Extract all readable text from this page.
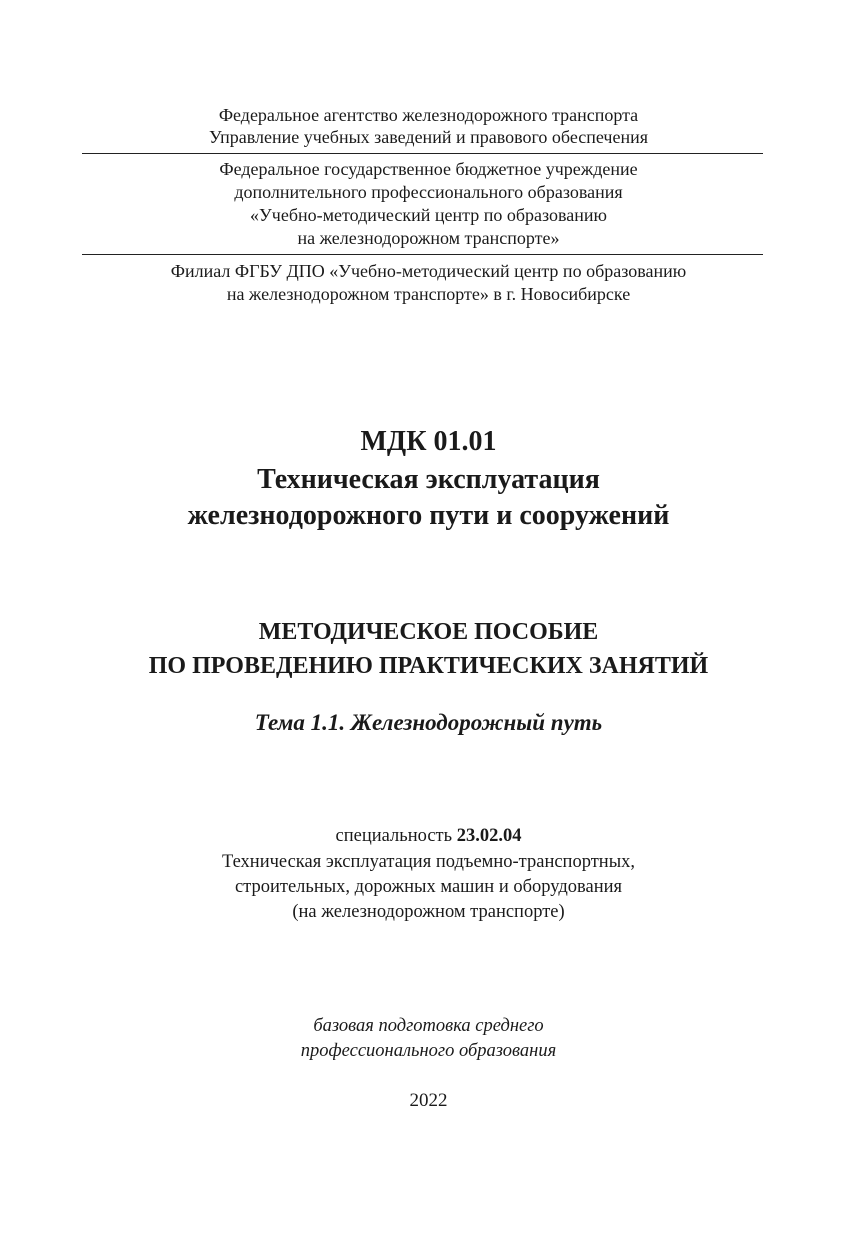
Федеральное агентство железнодорожного транспорта
Управление учебных заведений и правового обеспечения
Федеральное государственное бюджетное учреждение
дополнительного профессионального образования
«Учебно-методический центр по образованию
на железнодорожном транспорте»
Филиал ФГБУ ДПО «Учебно-методический центр по образованию
на железнодорожном транспорте» в г. Новосибирске
МДК 01.01
Техническая эксплуатация
железнодорожного пути и сооружений
МЕТОДИЧЕСКОЕ ПОСОБИЕ
ПО ПРОВЕДЕНИЮ ПРАКТИЧЕСКИХ ЗАНЯТИЙ
Тема 1.1. Железнодорожный путь
специальность 23.02.04
Техническая эксплуатация подъемно-транспортных,
строительных, дорожных машин и оборудования
(на железнодорожном транспорте)
базовая подготовка среднего
профессионального образования
2022
